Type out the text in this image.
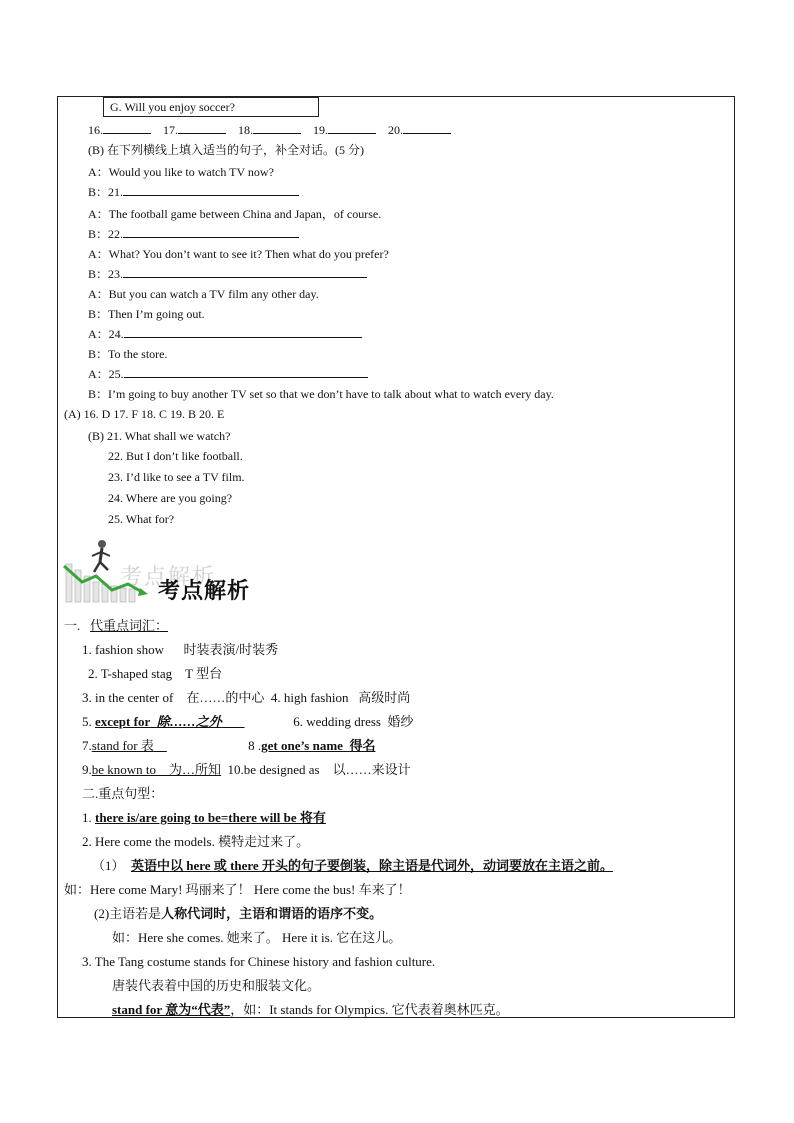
G. Will you enjoy soccer?
16.	17.	18.	19.	20.
(B) 在下列横线上填入适当的句子，补全对话。(5 分)
A：Would you like to watch TV now?
B：21.
A：The football game between China and Japan，of course.
B：22.
A：What? You don’t want to see it? Then what do you prefer?
B：23.
A：But you can watch a TV film any other day.
B：Then I’m going out.
A：24.
B：To the store.
A：25.
B：I’m going to buy another TV set so that we don’t have to talk about what to watch every day.
(A) 16. D 17. F 18. C 19. B 20. E
(B) 21. What shall we watch?
22. But I don’t like football.
23. I’d like to see a TV film.
24. Where are you going?
25. What for?
考点解析
考点解析
一. 代重点词汇：
1. fashion show 时装表演/时装秀
2. T-shaped stag T 型台
3. in the center of 在……的中心 4. high fashion 高级时尚
5. except for 除……之外	6. wedding dress 婚纱
7.stand for 表	8 .get one’s name 得名
9.be known to 为…所知 10.be designed as 以……来设计
二.重点句型：
1. there is/are going to be=there will be 将有
2. Here come the models. 模特走过来了。
（1） 英语中以 here 或 there 开头的句子要倒装，除主语是代词外，动词要放在主语之前。
如：Here come Mary! 玛丽来了！ Here come the bus! 车来了！
(2)主语若是人称代词时，主语和谓语的语序不变。
如：Here she comes. 她来了。 Here it is. 它在这儿。
3. The Tang costume stands for Chinese history and fashion culture.
唐装代表着中国的历史和服装文化。
stand for 意为“代表”，如：It stands for Olympics. 它代表着奥林匹克。
